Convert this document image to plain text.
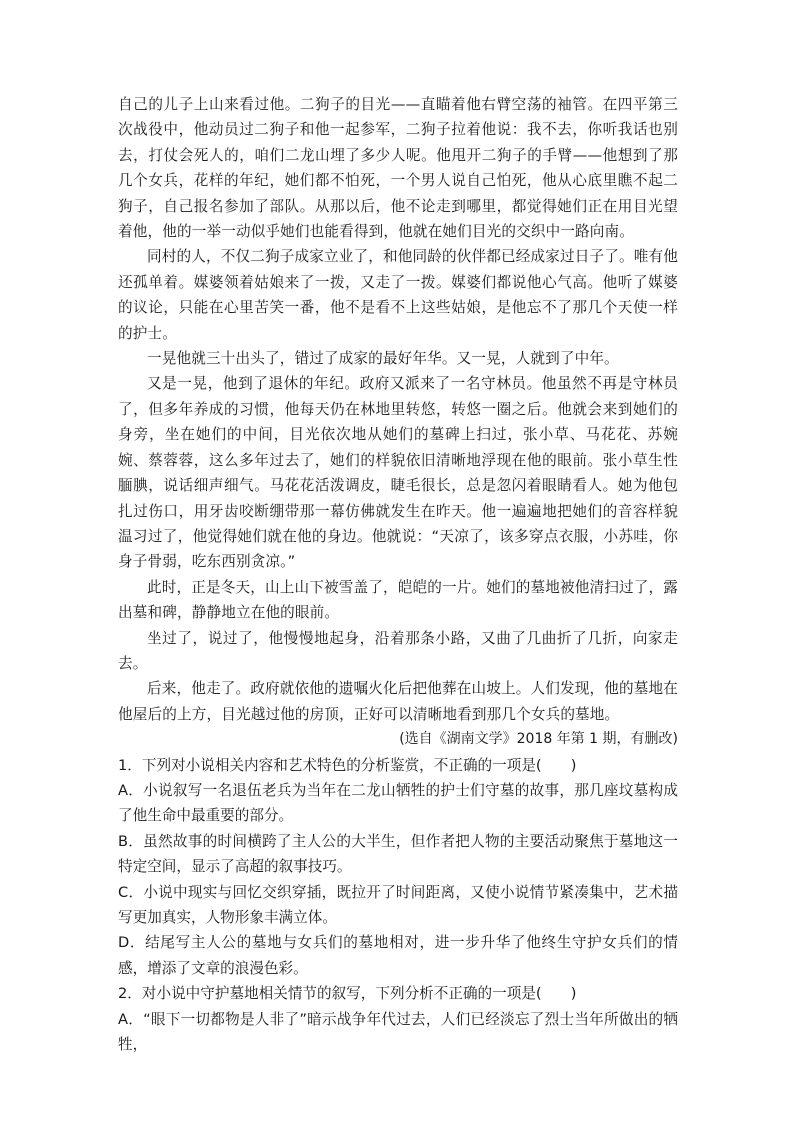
自己的儿子上山来看过他。二狗子的目光——直瞄着他右臂空荡的袖管。在四平第三次战役中，他动员过二狗子和他一起参军，二狗子拉着他说：我不去，你听我话也别去，打仗会死人的，咱们二龙山埋了多少人呢。他甩开二狗子的手臂——他想到了那几个女兵，花样的年纪，她们都不怕死，一个男人说自己怕死，他从心底里瞧不起二狗子，自己报名参加了部队。从那以后，他不论走到哪里，都觉得她们正在用目光望着他，他的一举一动似乎她们也能看得到，他就在她们目光的交织中一路向南。

同村的人，不仅二狗子成家立业了，和他同龄的伙伴都已经成家过日子了。唯有他还孤单着。媒婆领着姑娘来了一拨，又走了一拨。媒婆们都说他心气高。他听了媒婆的议论，只能在心里苦笑一番，他不是看不上这些姑娘，是他忘不了那几个天使一样的护士。

一晃他就三十出头了，错过了成家的最好年华。又一晃，人就到了中年。

又是一晃，他到了退休的年纪。政府又派来了一名守林员。他虽然不再是守林员了，但多年养成的习惯，他每天仍在林地里转悠，转悠一圈之后。他就会来到她们的身旁，坐在她们的中间，目光依次地从她们的墓碑上扫过，张小草、马花花、苏婉婉、蔡蓉蓉，这么多年过去了，她们的样貌依旧清晰地浮现在他的眼前。张小草生性腼腆，说话细声细气。马花花活泼调皮，睫毛很长，总是忽闪着眼睛看人。她为他包扎过伤口，用牙齿咬断绷带那一幕仿佛就发生在昨天。他一遍遍地把她们的音容样貌温习过了，他觉得她们就在他的身边。他就说：“天凉了，该多穿点衣服，小苏哇，你身子骨弱，吃东西别贪凉。”

此时，正是冬天，山上山下被雪盖了，皑皑的一片。她们的墓地被他清扫过了，露出墓和碑，静静地立在他的眼前。

坐过了，说过了，他慢慢地起身，沿着那条小路，又曲了几曲折了几折，向家走去。

后来，他走了。政府就依他的遗嘱火化后把他葬在山坡上。人们发现，他的墓地在他屋后的上方，目光越过他的房顶，正好可以清晰地看到那几个女兵的墓地。

(选自《湖南文学》2018 年第 1 期，有删改)

1．下列对小说相关内容和艺术特色的分析鉴赏，不正确的一项是(　　)

A．小说叙写一名退伍老兵为当年在二龙山牺牲的护士们守墓的故事，那几座坟墓构成了他生命中最重要的部分。

B．虽然故事的时间横跨了主人公的大半生，但作者把人物的主要活动聚焦于墓地这一特定空间，显示了高超的叙事技巧。

C．小说中现实与回忆交织穿插，既拉开了时间距离，又使小说情节紧凑集中，艺术描写更加真实，人物形象丰满立体。

D．结尾写主人公的墓地与女兵们的墓地相对，进一步升华了他终生守护女兵们的情感，增添了文章的浪漫色彩。

2．对小说中守护墓地相关情节的叙写，下列分析不正确的一项是(　　)

A．“眼下一切都物是人非了”暗示战争年代过去，人们已经淡忘了烈士当年所做出的牺牲，
